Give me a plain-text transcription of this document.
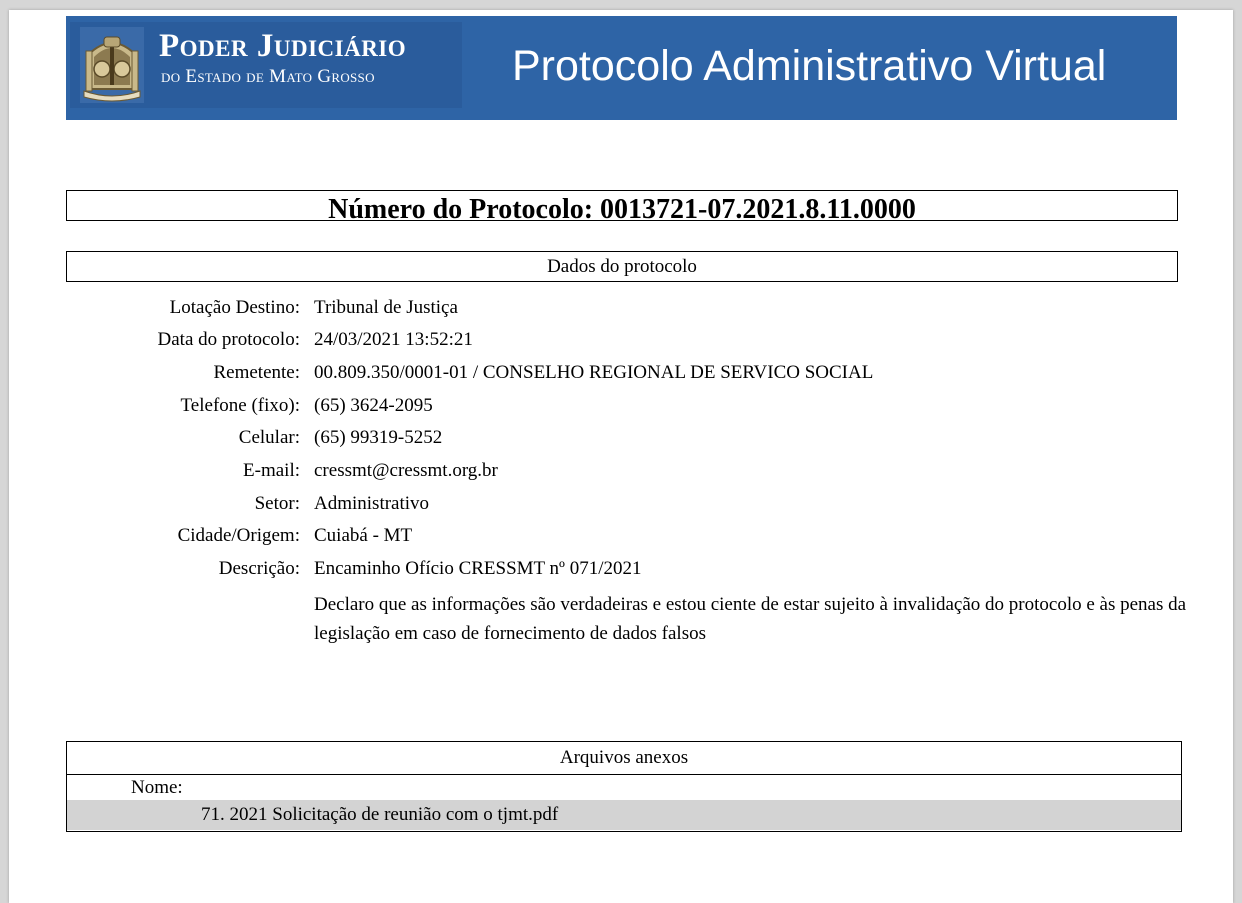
Poder Judiciário
do Estado de Mato Grosso	Protocolo Administrativo Virtual
Número do Protocolo: 0013721-07.2021.8.11.0000
Dados do protocolo
Lotação Destino: Tribunal de Justiça
Data do protocolo: 24/03/2021 13:52:21
Remetente: 00.809.350/0001-01 / CONSELHO REGIONAL DE SERVICO SOCIAL
Telefone (fixo): (65) 3624-2095
Celular: (65) 99319-5252
E-mail: cressmt@cressmt.org.br
Setor: Administrativo
Cidade/Origem: Cuiabá - MT
Descrição: Encaminho Ofício CRESSMT nº 071/2021
Declaro que as informações são verdadeiras e estou ciente de estar sujeito à invalidação do protocolo e às penas da legislação em caso de fornecimento de dados falsos
Arquivos anexos
Nome:
71. 2021 Solicitação de reunião com o tjmt.pdf
